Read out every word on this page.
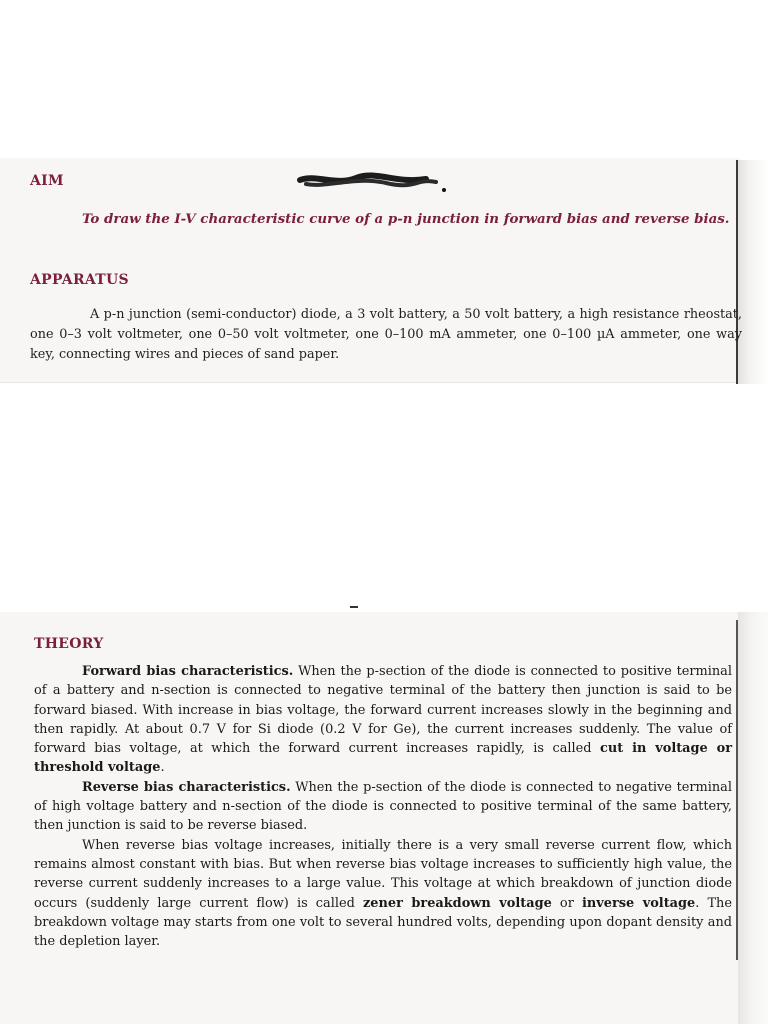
AIM
To draw the I-V characteristic curve of a p-n junction in forward bias and reverse bias.
APPARATUS
A p-n junction (semi-conductor) diode, a 3 volt battery, a 50 volt battery, a high resistance rheostat, one 0–3 volt voltmeter, one 0–50 volt voltmeter, one 0–100 mA ammeter, one 0–100 µA ammeter, one way key, connecting wires and pieces of sand paper.
THEORY

Forward bias characteristics. When the p-section of the diode is connected to positive terminal of a battery and n-section is connected to negative terminal of the battery then junction is said to be forward biased. With increase in bias voltage, the forward current increases slowly in the beginning and then rapidly. At about 0.7 V for Si diode (0.2 V for Ge), the current increases suddenly. The value of forward bias voltage, at which the forward current increases rapidly, is called cut in voltage or threshold voltage.

Reverse bias characteristics. When the p-section of the diode is connected to negative terminal of high voltage battery and n-section of the diode is connected to positive terminal of the same battery, then junction is said to be reverse biased.

When reverse bias voltage increases, initially there is a very small reverse current flow, which remains almost constant with bias. But when reverse bias voltage increases to sufficiently high value, the reverse current suddenly increases to a large value. This voltage at which breakdown of junction diode occurs (suddenly large current flow) is called zener breakdown voltage or inverse voltage. The breakdown voltage may starts from one volt to several hundred volts, depending upon dopant density and the depletion layer.
